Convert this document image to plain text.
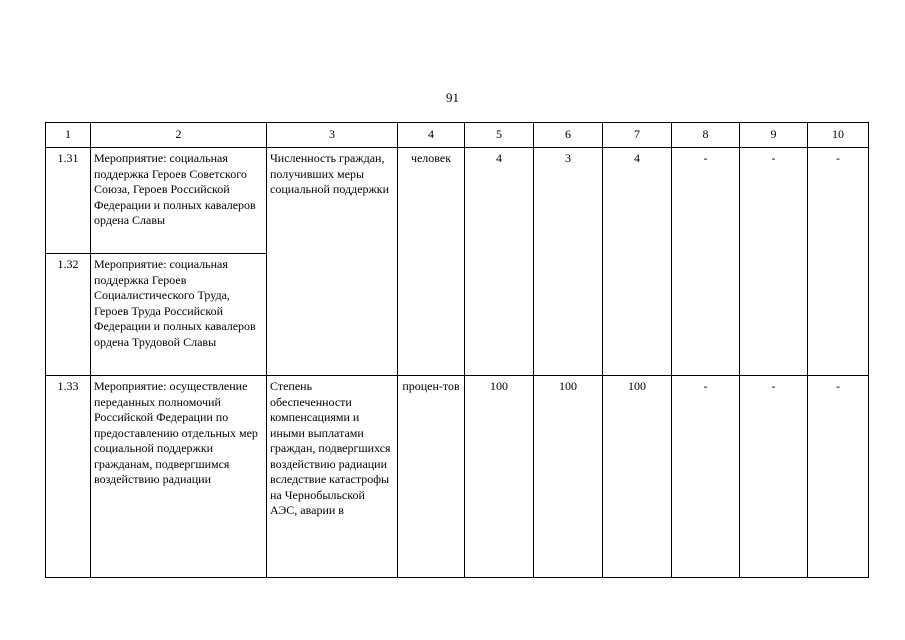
91
1	2	3	4	5	6	7	8	9	10
1.31	Мероприятие: социальная поддержка Героев Советского Союза, Героев Российской Федерации и полных кавалеров ордена Славы	Численность граждан, получивших меры социальной поддержки	человек	4	3	4	-	-	-
1.32	Мероприятие: социальная поддержка Героев Социалистического Труда, Героев Труда Российской Федерации и полных кавалеров ордена Трудовой Славы								
1.33	Мероприятие: осуществление переданных полномочий Российской Федерации по предоставлению отдельных мер социальной поддержки гражданам, подвергшимся воздействию радиации	Степень обеспеченности компенсациями и иными выплатами граждан, подвергшихся воздействию радиации вследствие катастрофы на Чернобыльской АЭС, аварии в	процен-тов	100	100	100	-	-	-
